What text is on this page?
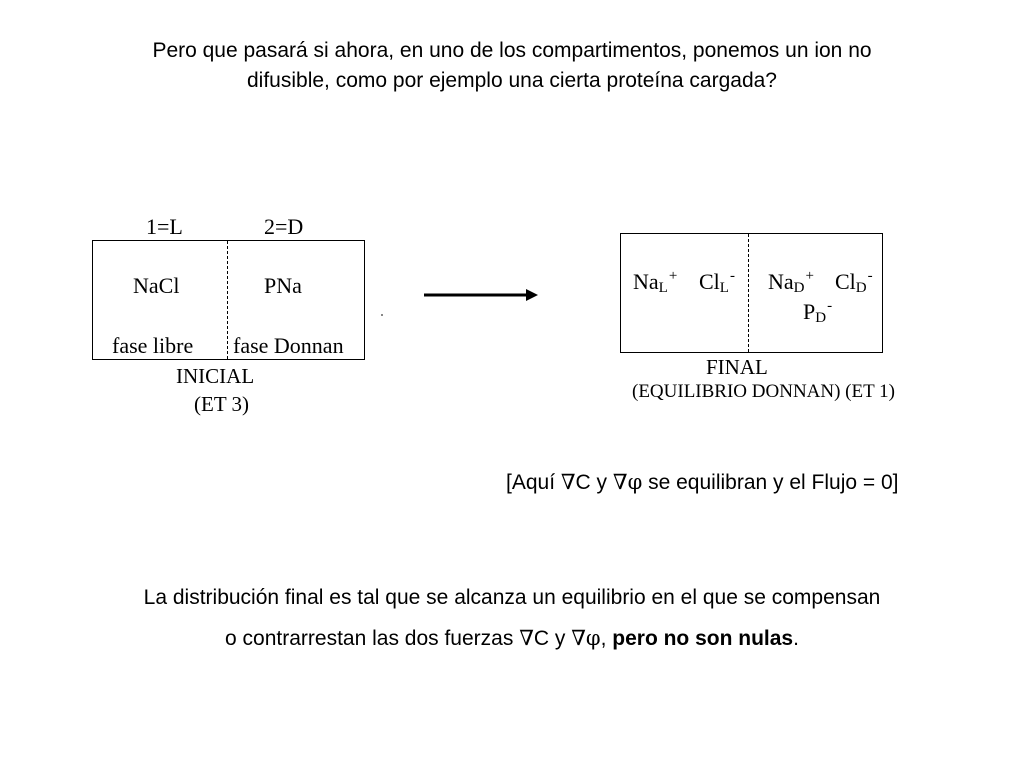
Pero que pasará si ahora, en uno de los compartimentos, ponemos un ion no
difusible, como por ejemplo una cierta proteína cargada?
1=L	2=D
NaCl	PNa
fase libre fase Donnan
INICIAL
(ET 3)
$Na_L^+$ $Cl_L^-$ $Na_D^+$ $Cl_D^-$
$P_D^-$
FINAL
(EQUILIBRIO DONNAN) (ET 1)
[Aquí ∇C y ∇φ se equilibran y el Flujo = 0]
La distribución final es tal que se alcanza un equilibrio en el que se compensan
o contrarrestan las dos fuerzas ∇C y ∇φ, pero no son nulas.
